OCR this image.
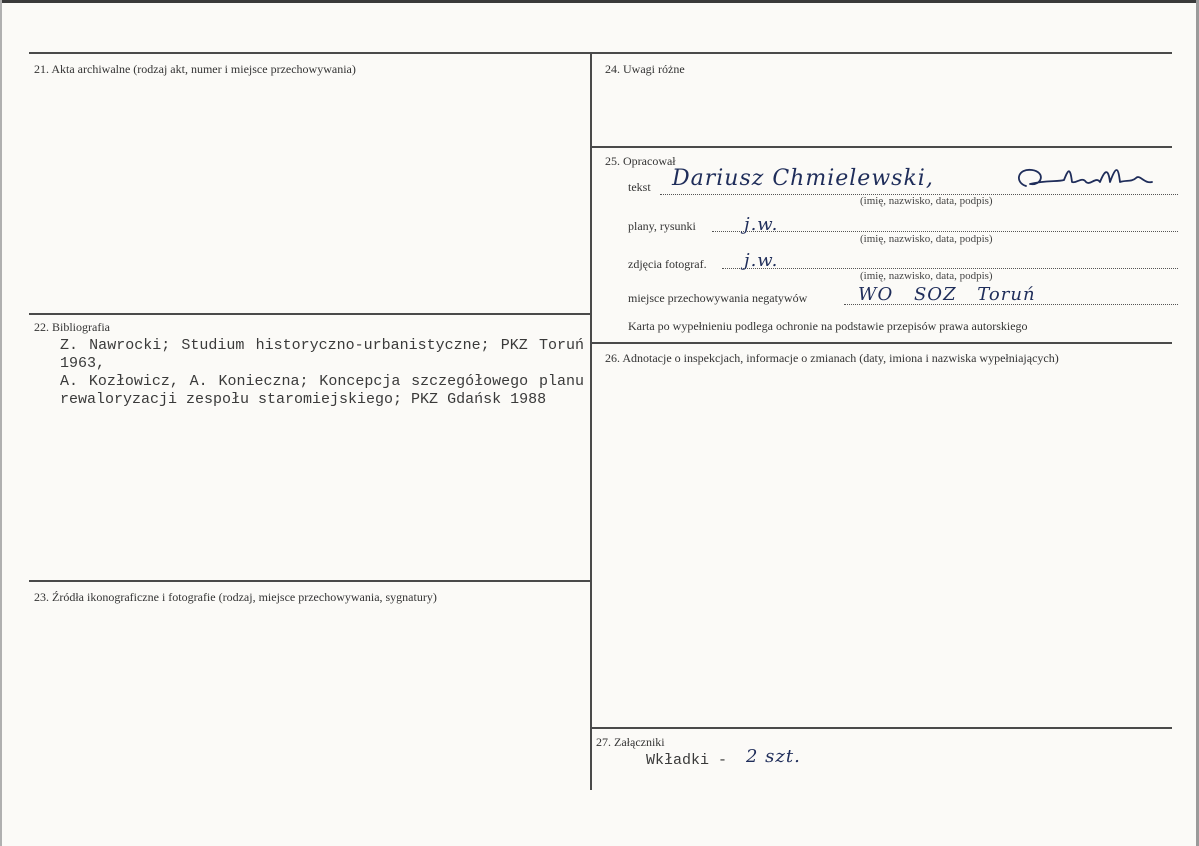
21. Akta archiwalne (rodzaj akt, numer i miejsce przechowywania)
22. Bibliografia
Z. Nawrocki; Studium historyczno-urbanistyczne; PKZ Toruń 1963,
A. Kozłowicz, A. Konieczna; Koncepcja szczegółowego planu rewaloryzacji zespołu staromiejskiego; PKZ Gdańsk 1988
23. Źródła ikonograficzne i fotografie (rodzaj, miejsce przechowywania, sygnatury)
24. Uwagi różne
25. Opracował
tekst Dariusz Chmielewski,
(imię, nazwisko, data, podpis)
plany, rysunki	j.w.
(imię, nazwisko, data, podpis)
zdjęcia fotograf. j.w.
(imię, nazwisko, data, podpis)
miejsce przechowywania negatywów	WO SOZ Toruń
Karta po wypełnieniu podlega ochronie na podstawie przepisów prawa autorskiego
26. Adnotacje o inspekcjach, informacje o zmianach (daty, imiona i nazwiska wypełniających)
27. Załączniki
Wkładki - 2 szt.
